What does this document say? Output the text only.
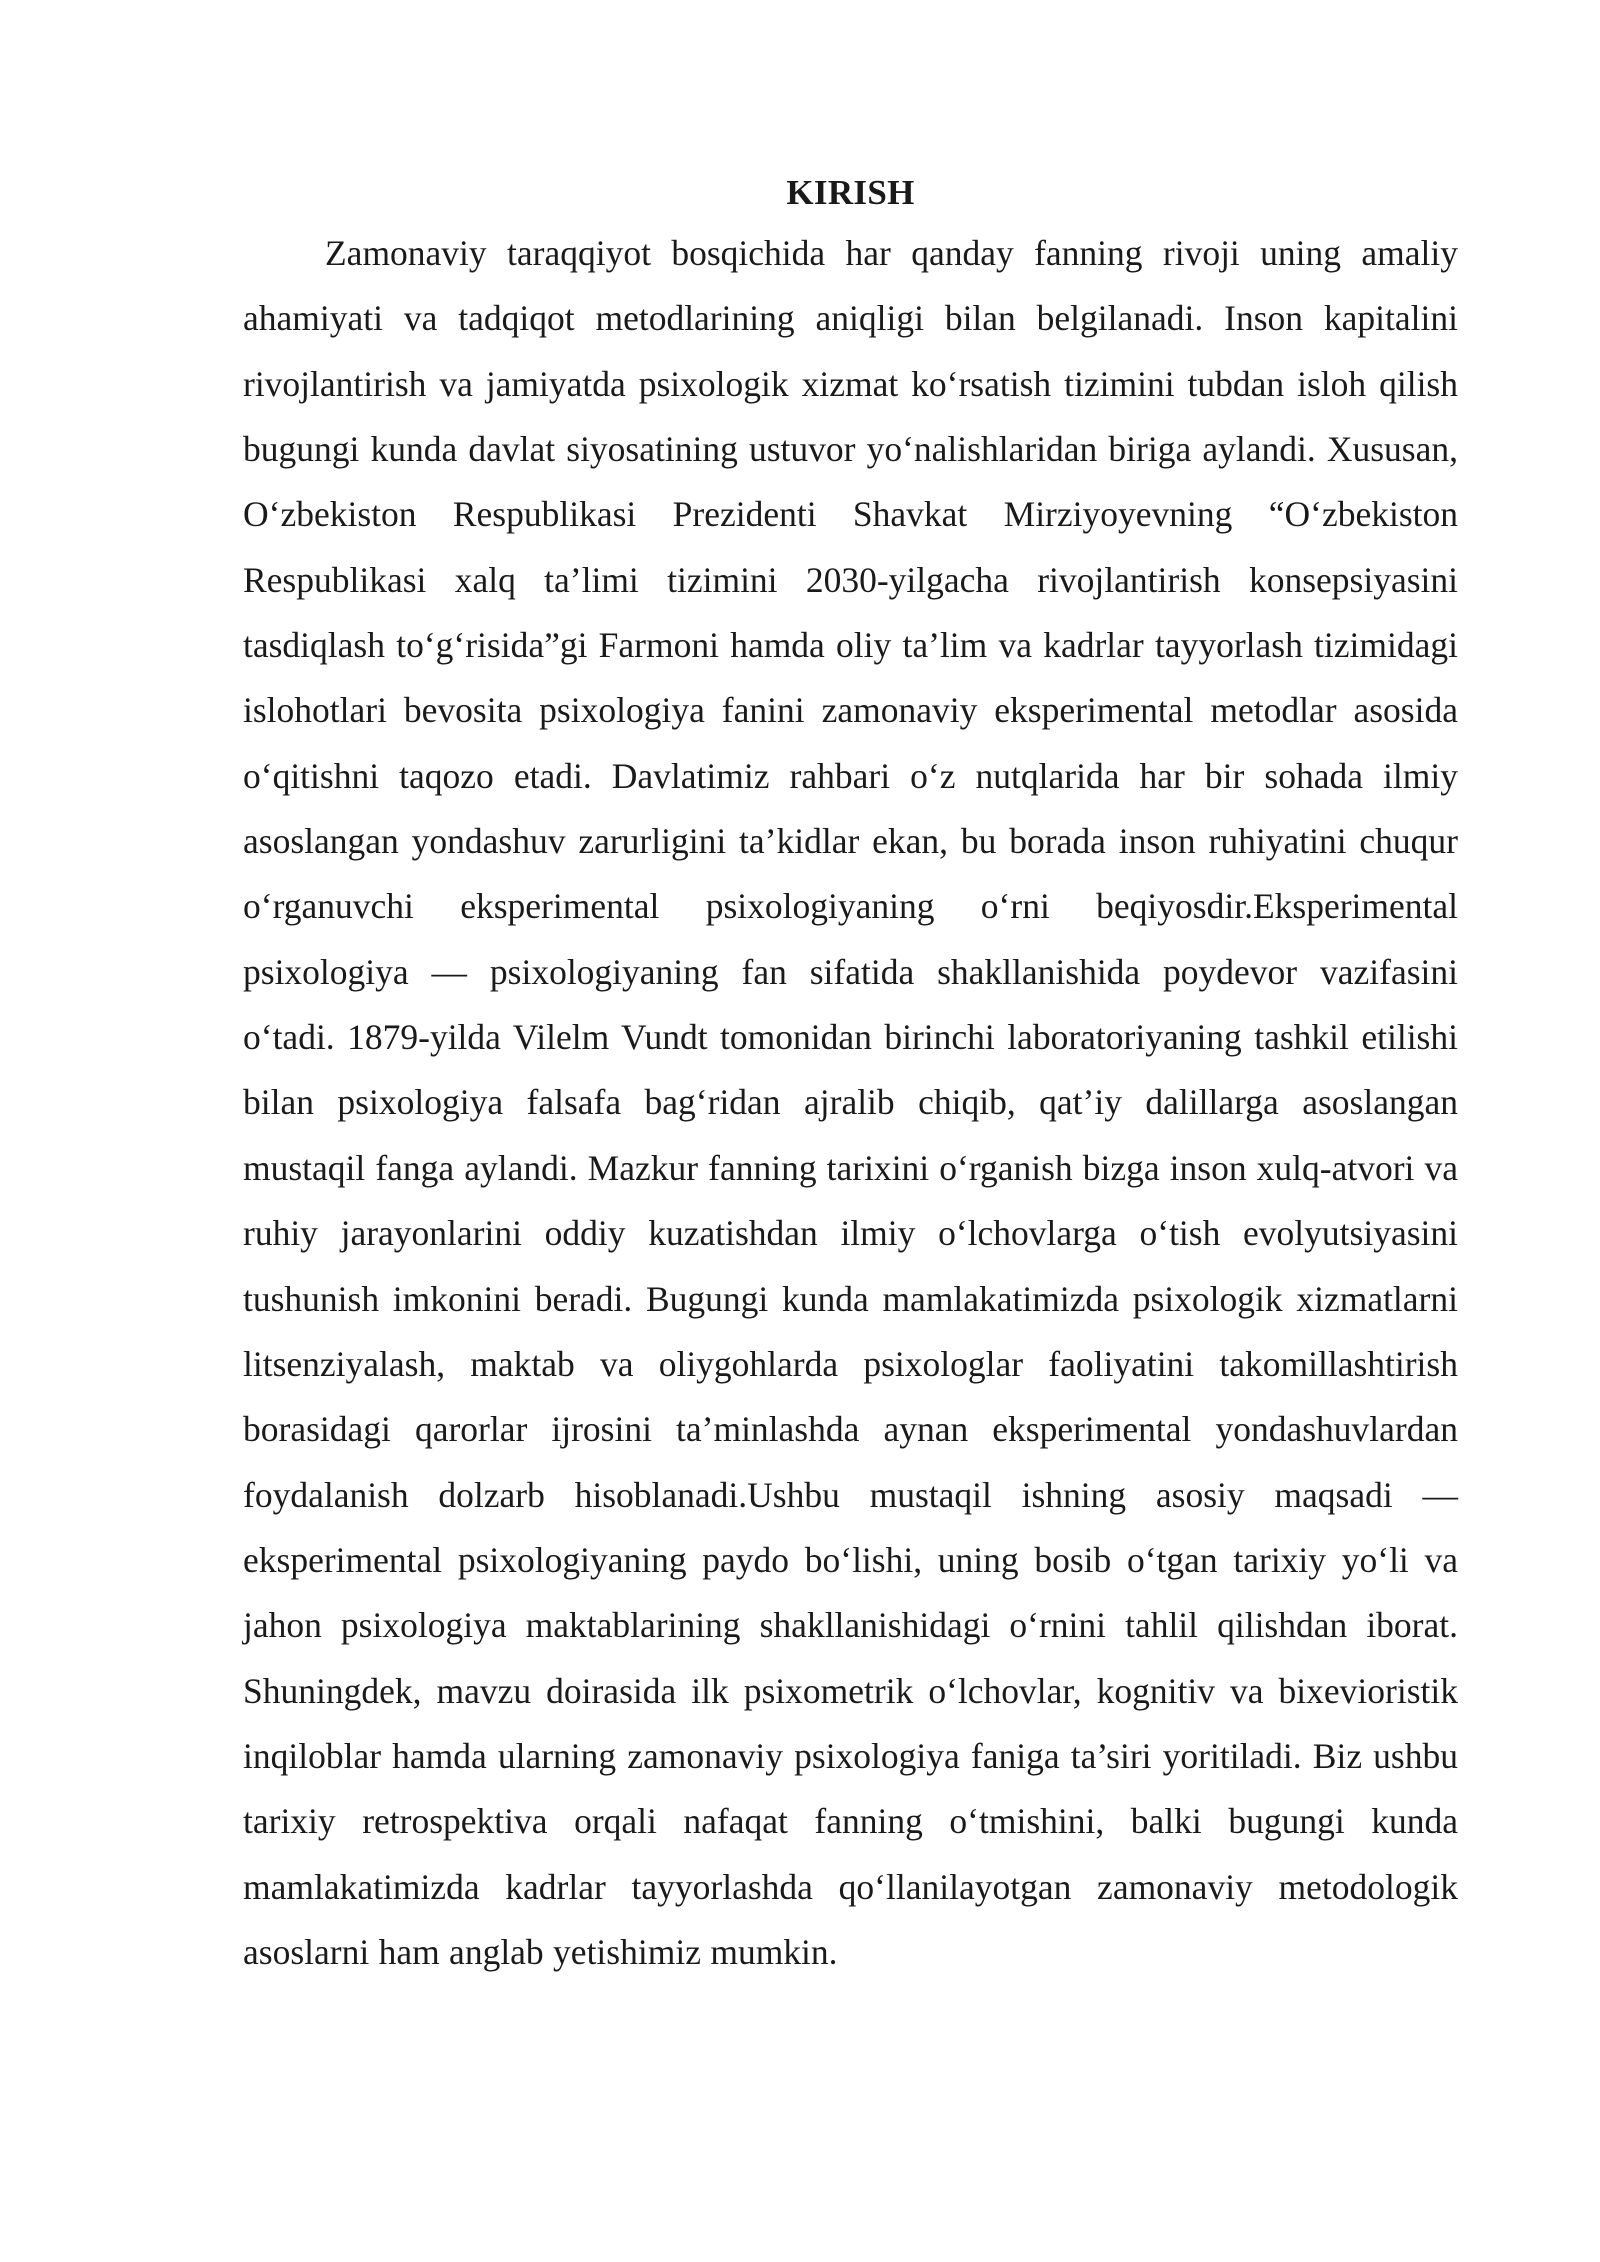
KIRISH

Zamonaviy taraqqiyot bosqichida har qanday fanning rivoji uning amaliy ahamiyati va tadqiqot metodlarining aniqligi bilan belgilanadi. Inson kapitalini rivojlantirish va jamiyatda psixologik xizmat ko‘rsatish tizimini tubdan isloh qilish bugungi kunda davlat siyosatining ustuvor yo‘nalishlaridan biriga aylandi. Xususan, O‘zbekiston Respublikasi Prezidenti Shavkat Mirziyoyevning “O‘zbekiston Respublikasi xalq ta’limi tizimini 2030-yilgacha rivojlantirish konsepsiyasini tasdiqlash to‘g‘risida”gi Farmoni hamda oliy ta’lim va kadrlar tayyorlash tizimidagi islohotlari bevosita psixologiya fanini zamonaviy eksperimental metodlar asosida o‘qitishni taqozo etadi. Davlatimiz rahbari o‘z nutqlarida har bir sohada ilmiy asoslangan yondashuv zarurligini ta’kidlar ekan, bu borada inson ruhiyatini chuqur o‘rganuvchi eksperimental psixologiyaning o‘rni beqiyosdir.Eksperimental psixologiya — psixologiyaning fan sifatida shakllanishida poydevor vazifasini o‘tadi. 1879-yilda Vilelm Vundt tomonidan birinchi laboratoriyaning tashkil etilishi bilan psixologiya falsafa bag‘ridan ajralib chiqib, qat’iy dalillarga asoslangan mustaqil fanga aylandi. Mazkur fanning tarixini o‘rganish bizga inson xulq-atvori va ruhiy jarayonlarini oddiy kuzatishdan ilmiy o‘lchovlarga o‘tish evolyutsiyasini tushunish imkonini beradi. Bugungi kunda mamlakatimizda psixologik xizmatlarni litsenziyalash, maktab va oliygohlarda psixologlar faoliyatini takomillashtirish borasidagi qarorlar ijrosini ta’minlashda aynan eksperimental yondashuvlardan foydalanish dolzarb hisoblanadi.Ushbu mustaqil ishning asosiy maqsadi — eksperimental psixologiyaning paydo bo‘lishi, uning bosib o‘tgan tarixiy yo‘li va jahon psixologiya maktablarining shakllanishidagi o‘rnini tahlil qilishdan iborat. Shuningdek, mavzu doirasida ilk psixometrik o‘lchovlar, kognitiv va bixevioristik inqiloblar hamda ularning zamonaviy psixologiya faniga ta’siri yoritiladi. Biz ushbu tarixiy retrospektiva orqali nafaqat fanning o‘tmishini, balki bugungi kunda mamlakatimizda kadrlar tayyorlashda qo‘llanilayotgan zamonaviy metodologik asoslarni ham anglab yetishimiz mumkin.
